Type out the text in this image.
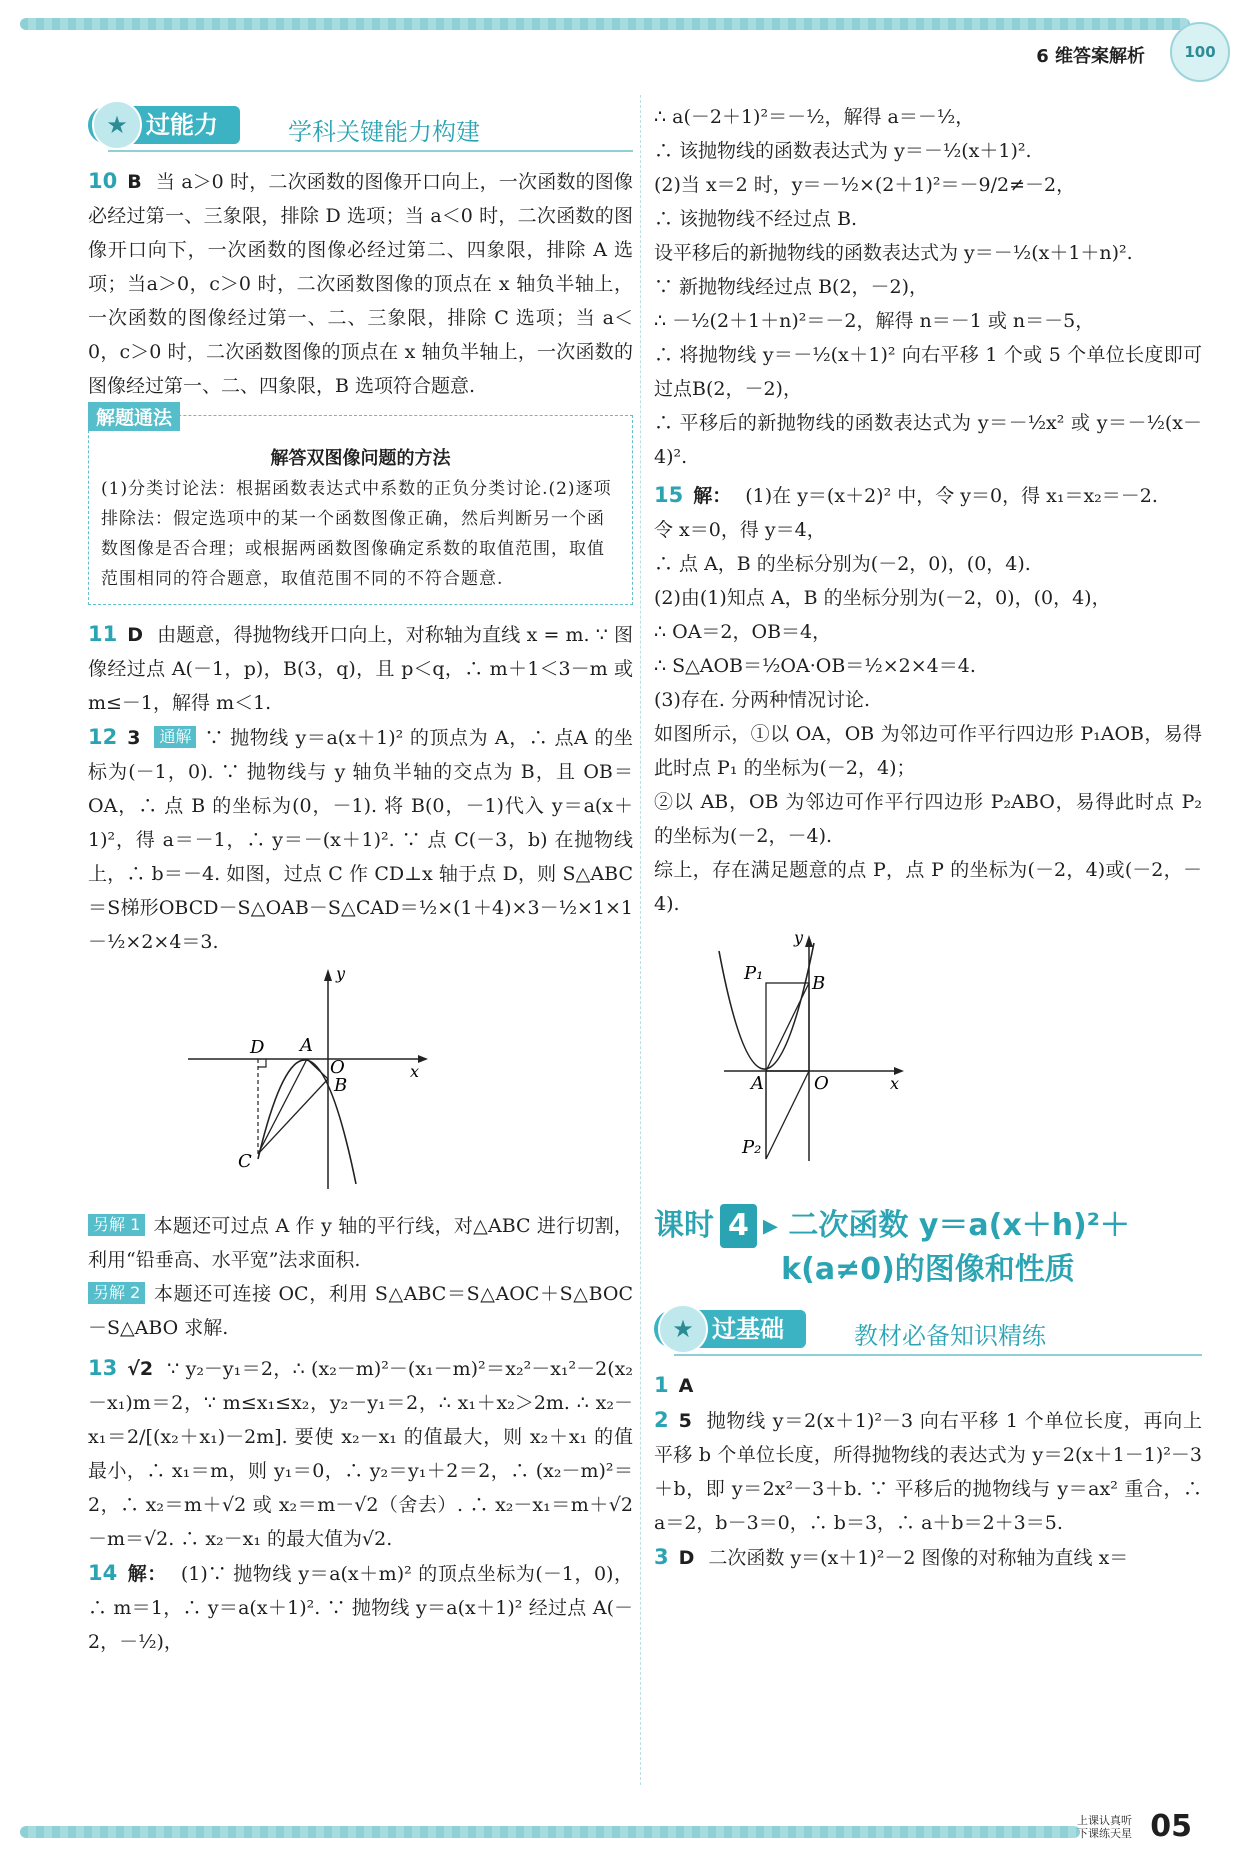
6 维答案解析	100
★ 过能力	学科关键能力构建

10 B 当 a＞0 时，二次函数的图像开口向上，一次函数的图像必经过第一、三象限，排除 D 选项；当 a＜0 时，二次函数的图像开口向下，一次函数的图像必经过第二、四象限，排除 A 选项；当a＞0，c＞0 时，二次函数图像的顶点在 x 轴负半轴上，一次函数的图像经过第一、二、三象限，排除 C 选项；当 a＜0，c＞0 时，二次函数图像的顶点在 x 轴负半轴上，一次函数的图像经过第一、二、四象限，B 选项符合题意.

解题通法
解答双图像问题的方法
(1)分类讨论法：根据函数表达式中系数的正负分类讨论.(2)逐项排除法：假定选项中的某一个函数图像正确，然后判断另一个函数图像是否合理；或根据两函数图像确定系数的取值范围，取值范围相同的符合题意，取值范围不同的不符合题意.

11 D 由题意，得抛物线开口向上，对称轴为直线 x = m. ∵ 图像经过点 A(－1，p)，B(3，q)，且 p＜q，∴ m＋1＜3－m 或 m≤－1，解得 m＜1.

12 3 通解 ∵ 抛物线 y＝a(x＋1)² 的顶点为 A，∴ 点A 的坐标为(－1，0). ∵ 抛物线与 y 轴负半轴的交点为 B，且 OB＝OA，∴ 点 B 的坐标为(0，－1). 将 B(0，－1)代入 y＝a(x＋1)²，得 a＝－1，∴ y＝－(x＋1)². ∵ 点 C(－3，b) 在抛物线上，∴ b＝－4. 如图，过点 C 作 CD⊥x 轴于点 D，则 S△ABC＝S梯形OBCD－S△OAB－S△CAD＝½×(1＋4)×3－½×1×1－½×2×4＝3.

D A
O
B
C
x
y

另解 1 本题还可过点 A 作 y 轴的平行线，对△ABC 进行切割，利用“铅垂高、水平宽”法求面积.

另解 2 本题还可连接 OC，利用 S△ABC＝S△AOC＋S△BOC－S△ABO 求解.

13 √2 ∵ y₂－y₁＝2，∴ (x₂－m)²－(x₁－m)²＝x₂²－x₁²－2(x₂－x₁)m＝2，∵ m≤x₁≤x₂，y₂－y₁＝2，∴ x₁＋x₂＞2m. ∴ x₂－x₁＝2/[(x₂＋x₁)－2m]. 要使 x₂－x₁ 的值最大，则 x₂＋x₁ 的值最小，∴ x₁＝m，则 y₁＝0，∴ y₂＝y₁＋2＝2，∴ (x₂－m)²＝2，∴ x₂＝m＋√2 或 x₂＝m－√2（舍去）. ∴ x₂－x₁＝m＋√2－m＝√2. ∴ x₂－x₁ 的最大值为√2.

14 解： (1)∵ 抛物线 y＝a(x＋m)² 的顶点坐标为(－1，0)，∴ m＝1，∴ y＝a(x＋1)². ∵ 抛物线 y＝a(x＋1)² 经过点 A(－2，－½)，

∴ a(－2＋1)²＝－½，解得 a＝－½，

∴ 该抛物线的函数表达式为 y＝－½(x＋1)².

(2)当 x＝2 时，y＝－½×(2＋1)²＝－9/2≠－2，

∴ 该抛物线不经过点 B.

设平移后的新抛物线的函数表达式为 y＝－½(x＋1＋n)².

∵ 新抛物线经过点 B(2，－2)，

∴ －½(2＋1＋n)²＝－2，解得 n＝－1 或 n＝－5，

∴ 将抛物线 y＝－½(x＋1)² 向右平移 1 个或 5 个单位长度即可过点B(2，－2)，

∴ 平移后的新抛物线的函数表达式为 y＝－½x² 或 y＝－½(x－4)².

15 解： (1)在 y＝(x＋2)² 中，令 y＝0，得 x₁＝x₂＝－2.

令 x＝0，得 y＝4，

∴ 点 A，B 的坐标分别为(－2，0)，(0，4).

(2)由(1)知点 A，B 的坐标分别为(－2，0)，(0，4)，

∴ OA＝2，OB＝4，

∴ S△AOB＝½OA·OB＝½×2×4＝4.

(3)存在. 分两种情况讨论.

如图所示，①以 OA，OB 为邻边可作平行四边形 P₁AOB，易得此时点 P₁ 的坐标为(－2，4)；

②以 AB，OB 为邻边可作平行四边形 P₂ABO，易得此时点 P₂ 的坐标为(－2，－4).

综上，存在满足题意的点 P，点 P 的坐标为(－2，4)或(－2，－4).

y
P₁	B
A	O	x
P₂
课时 4 ▸ 二次函数 y＝a(x＋h)²＋
k(a≠0)的图像和性质
★ 过基础	教材必备知识精练

1 A

2 5 抛物线 y＝2(x＋1)²－3 向右平移 1 个单位长度，再向上平移 b 个单位长度，所得抛物线的表达式为 y＝2(x＋1－1)²－3＋b，即 y＝2x²－3＋b. ∵ 平移后的抛物线与 y＝ax² 重合，∴ a＝2，b－3＝0，∴ b＝3，∴ a＋b＝2＋3＝5.

3 D 二次函数 y＝(x＋1)²－2 图像的对称轴为直线 x＝

上课认真听
下课练天星 05
